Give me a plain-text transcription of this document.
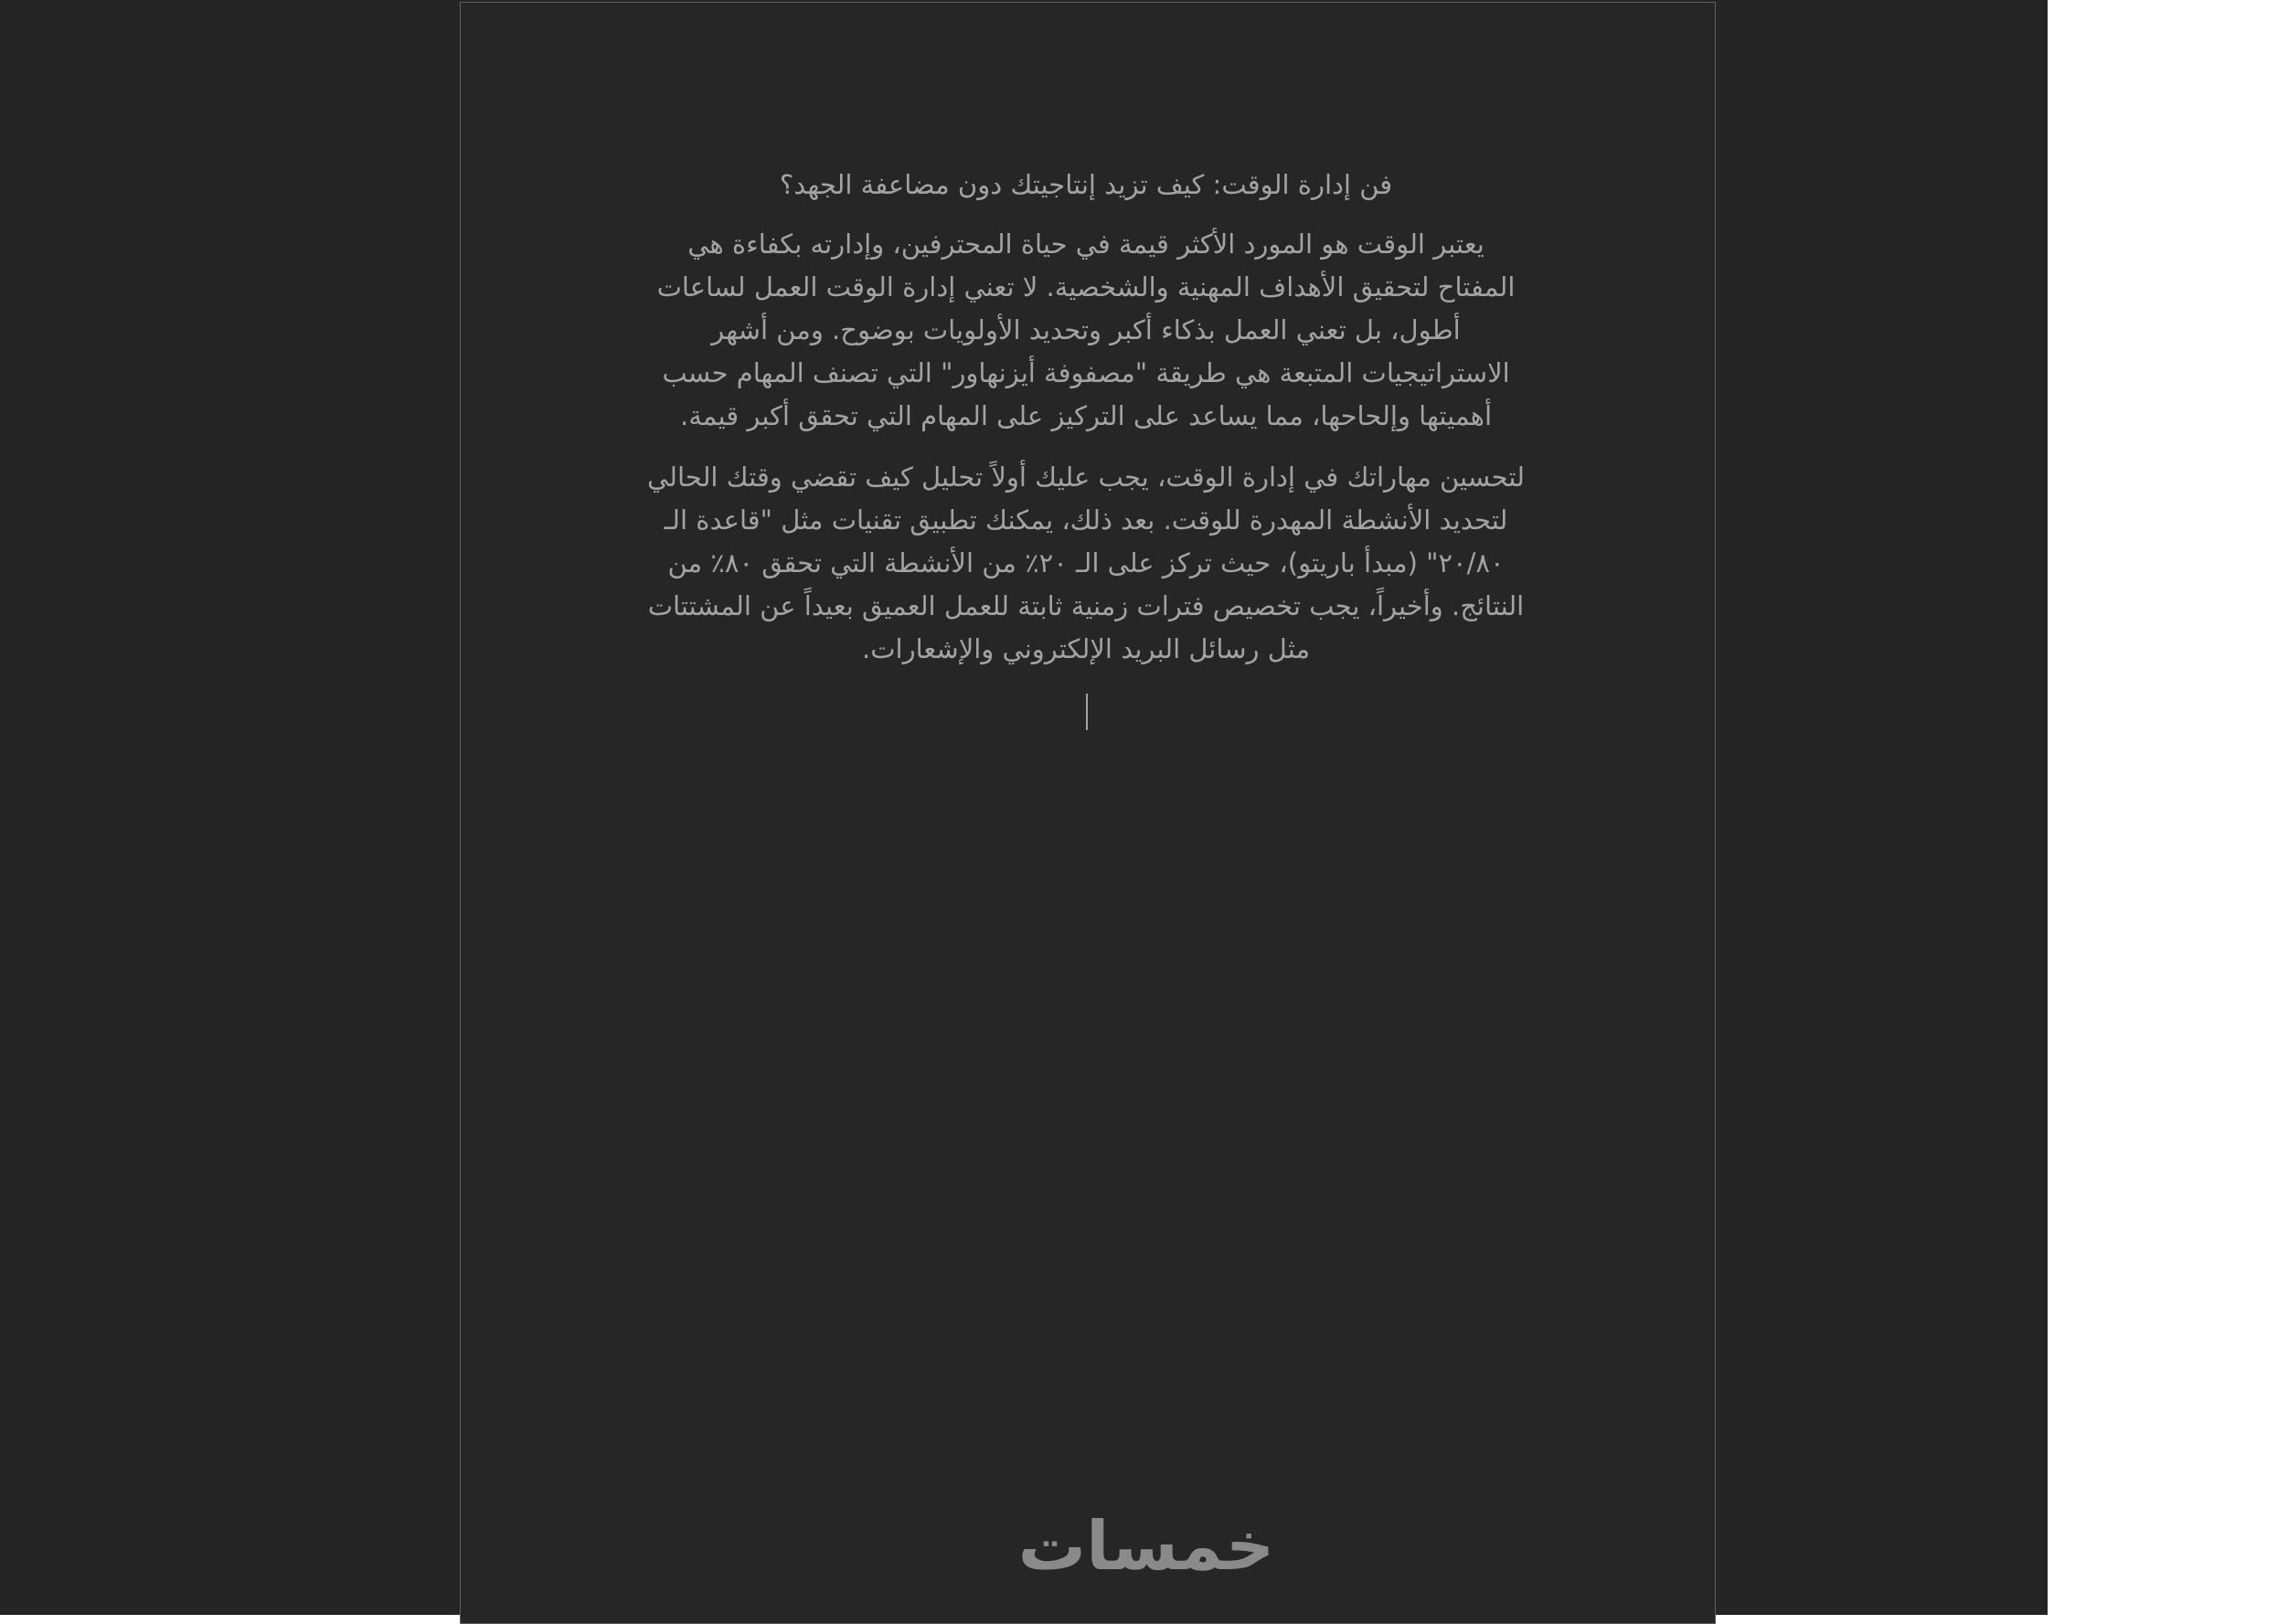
فن إدارة الوقت: كيف تزيد إنتاجيتك دون مضاعفة الجهد؟

يعتبر الوقت هو المورد الأكثر قيمة في حياة المحترفين، وإدارته بكفاءة هي المفتاح لتحقيق الأهداف المهنية والشخصية. لا تعني إدارة الوقت العمل لساعات أطول، بل تعني العمل بذكاء أكبر وتحديد الأولويات بوضوح. ومن أشهر الاستراتيجيات المتبعة هي طريقة "مصفوفة أيزنهاور" التي تصنف المهام حسب أهميتها وإلحاحها، مما يساعد على التركيز على المهام التي تحقق أكبر قيمة.

لتحسين مهاراتك في إدارة الوقت، يجب عليك أولاً تحليل كيف تقضي وقتك الحالي لتحديد الأنشطة المهدرة للوقت. بعد ذلك، يمكنك تطبيق تقنيات مثل "قاعدة الـ ٢٠/٨٠" (مبدأ باريتو)، حيث تركز على الـ ٢٠٪ من الأنشطة التي تحقق ٨٠٪ من النتائج. وأخيراً، يجب تخصيص فترات زمنية ثابتة للعمل العميق بعيداً عن المشتتات مثل رسائل البريد الإلكتروني والإشعارات.

خمسات
